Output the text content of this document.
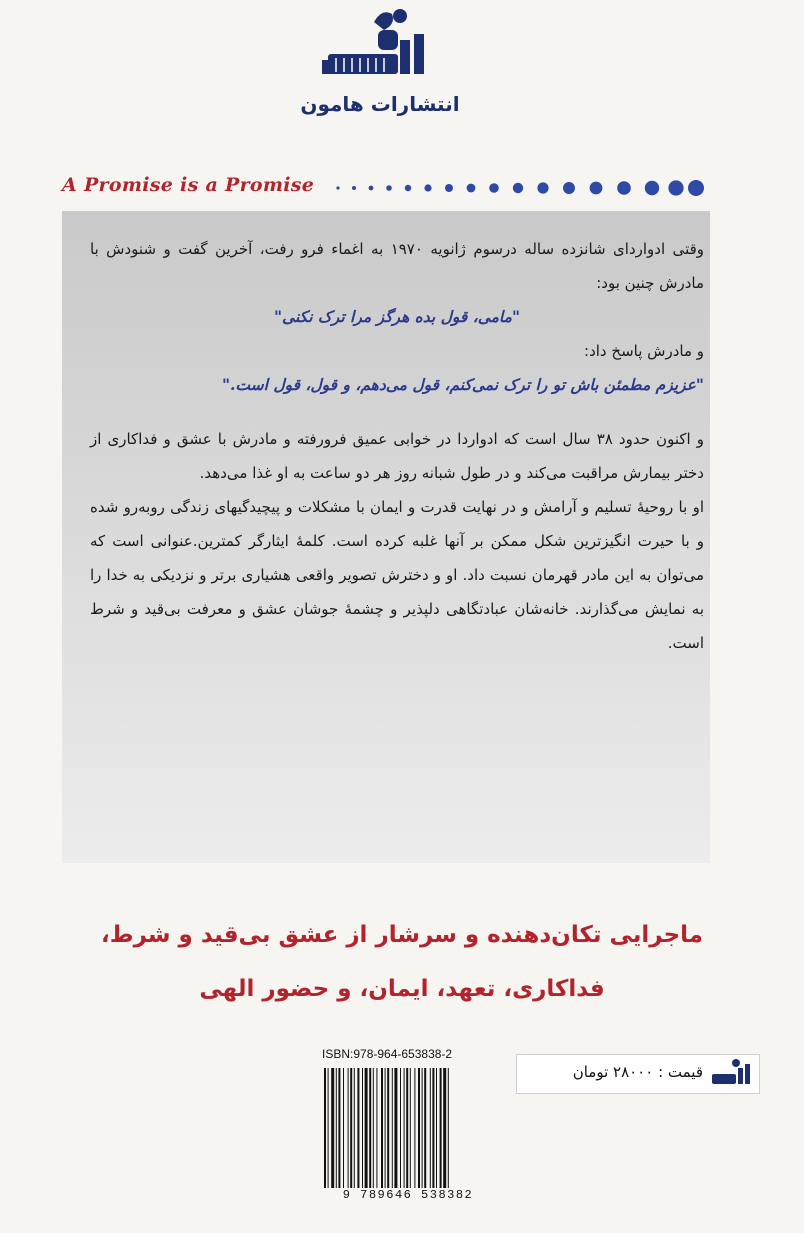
انتشارات هامون
A Promise is a Promise

وقتی ادواردای شانزده ساله درسوم ژانویه ۱۹۷۰ به اغماء فرو رفت، آخرین گفت و شنودش با مادرش چنین بود:

"مامی، قول بده هرگز مرا ترک نکنی"

و مادرش پاسخ داد:

"عزیزم مطمئن باش تو را ترک نمی‌کنم، قول می‌دهم، و قول، قول است."

و اکنون حدود ۳۸ سال است که ادواردا در خوابی عمیق فرورفته و مادرش با عشق و فداکاری از دختر بیمارش مراقبت می‌کند و در طول شبانه روز هر دو ساعت به او غذا می‌دهد.

او با روحیهٔ تسلیم و آرامش و در نهایت قدرت و ایمان با مشکلات و پیچیدگیهای زندگی روبه‌رو شده و با حیرت انگیزترین شکل ممکن بر آنها غلبه کرده است. کلمهٔ ایثارگر کمترین.عنوانی است که می‌توان به این مادر قهرمان نسبت داد. او و دخترش تصویر واقعی هشیاری برتر و نزدیکی به خدا را به نمایش می‌گذارند. خانه‌شان عبادتگاهی دلپذیر و چشمهٔ جوشان عشق و معرفت بی‌قید و شرط است.

ماجرایی تکان‌دهنده و سرشار از عشق بی‌قید و شرط،
فداکاری، تعهد، ایمان، و حضور الهی
ISBN:978-964-653838-2
9 789646 538382
قیمت : ۲۸۰۰۰ تومان
